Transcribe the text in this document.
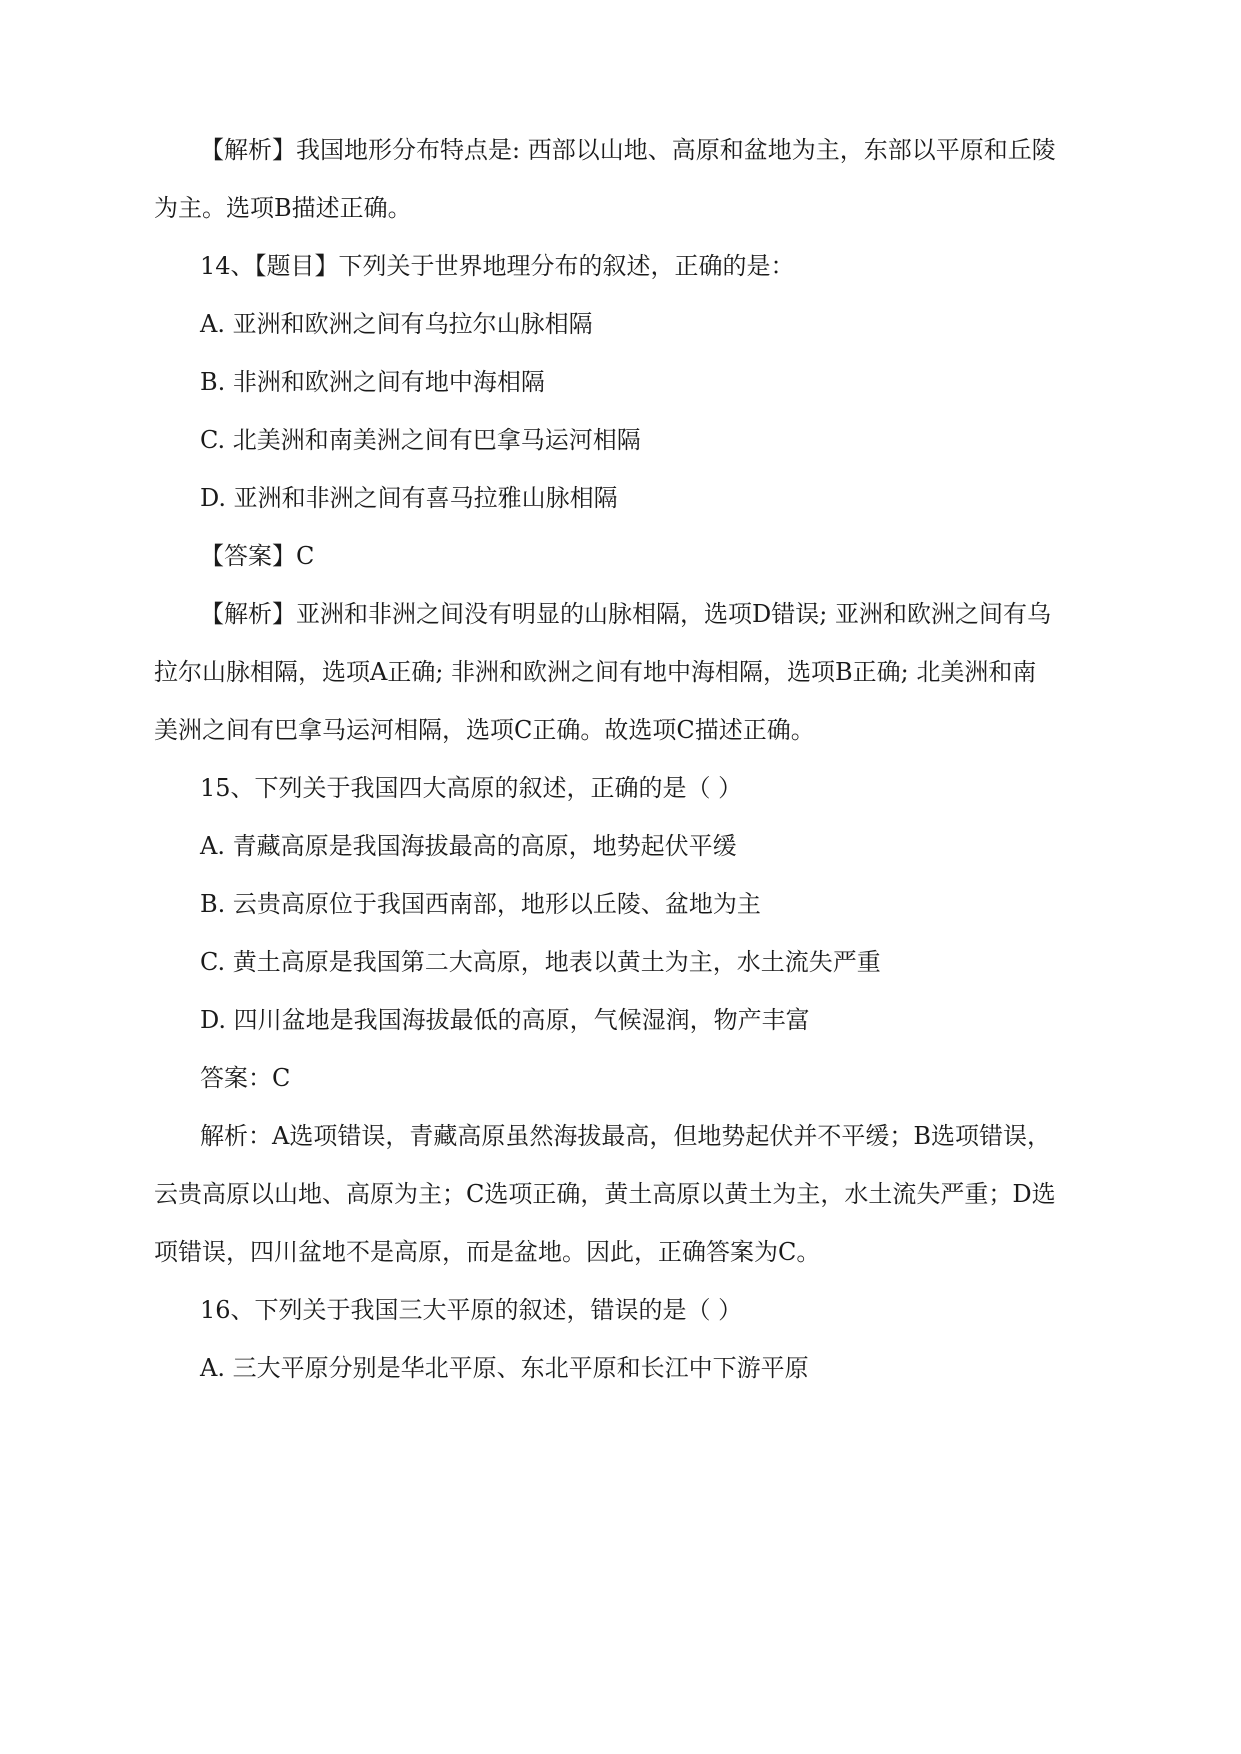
【解析】我国地形分布特点是: 西部以山地、高原和盆地为主，东部以平原和丘陵
为主。选项B描述正确。
14、【题目】下列关于世界地理分布的叙述，正确的是：
A. 亚洲和欧洲之间有乌拉尔山脉相隔
B. 非洲和欧洲之间有地中海相隔
C. 北美洲和南美洲之间有巴拿马运河相隔
D. 亚洲和非洲之间有喜马拉雅山脉相隔
【答案】C
【解析】亚洲和非洲之间没有明显的山脉相隔，选项D错误; 亚洲和欧洲之间有乌
拉尔山脉相隔，选项A正确; 非洲和欧洲之间有地中海相隔，选项B正确; 北美洲和南
美洲之间有巴拿马运河相隔，选项C正确。故选项C描述正确。
15、下列关于我国四大高原的叙述，正确的是（ ）
A. 青藏高原是我国海拔最高的高原，地势起伏平缓
B. 云贵高原位于我国西南部，地形以丘陵、盆地为主
C. 黄土高原是我国第二大高原，地表以黄土为主，水土流失严重
D. 四川盆地是我国海拔最低的高原，气候湿润，物产丰富
答案：C
解析：A选项错误，青藏高原虽然海拔最高，但地势起伏并不平缓；B选项错误，
云贵高原以山地、高原为主；C选项正确，黄土高原以黄土为主，水土流失严重；D选
项错误，四川盆地不是高原，而是盆地。因此，正确答案为C。
16、下列关于我国三大平原的叙述，错误的是（ ）
A. 三大平原分别是华北平原、东北平原和长江中下游平原
